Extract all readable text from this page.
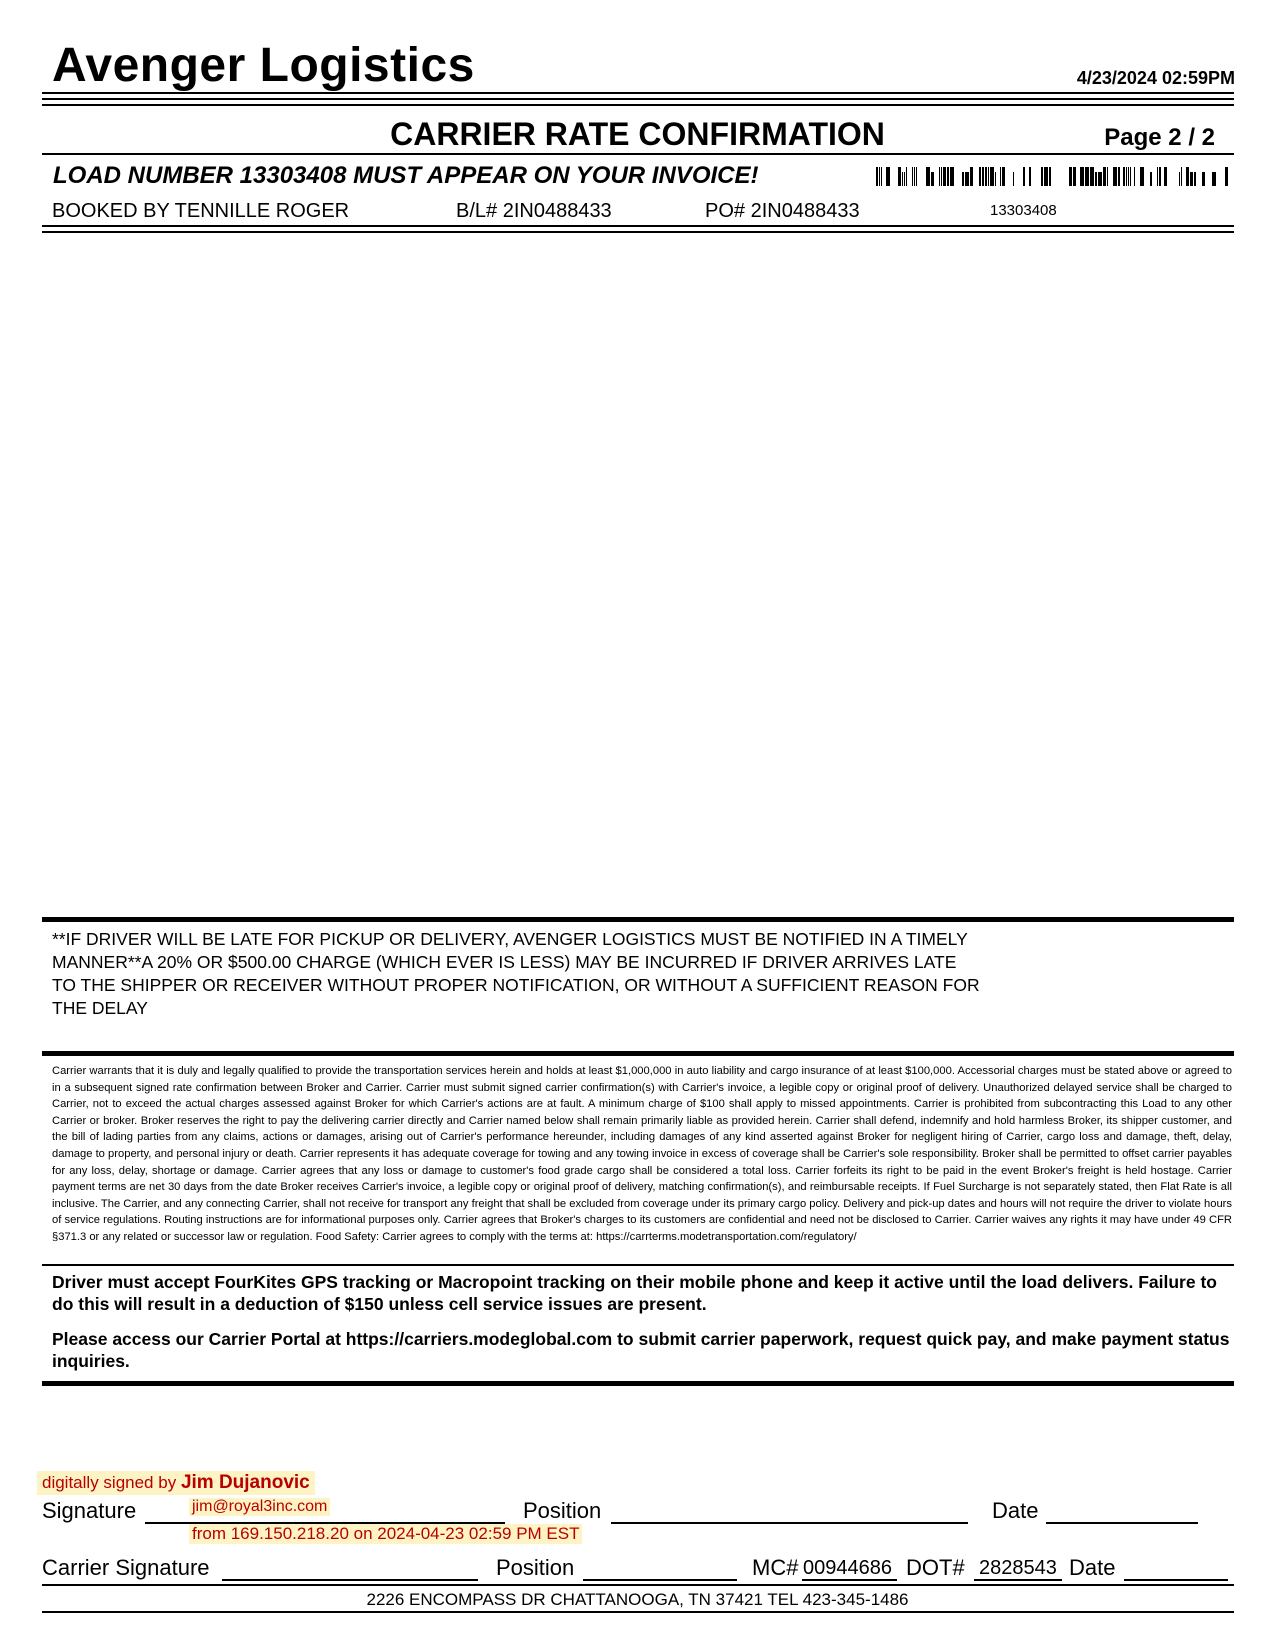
Avenger Logistics	4/23/2024 02:59PM
CARRIER RATE CONFIRMATION	Page 2 / 2
LOAD NUMBER 13303408 MUST APPEAR ON YOUR INVOICE!
BOOKED BY TENNILLE ROGER	B/L# 2IN0488433	PO# 2IN0488433	13303408
**IF DRIVER WILL BE LATE FOR PICKUP OR DELIVERY, AVENGER LOGISTICS MUST BE NOTIFIED IN A TIMELY MANNER**A 20% OR $500.00 CHARGE (WHICH EVER IS LESS) MAY BE INCURRED IF DRIVER ARRIVES LATE TO THE SHIPPER OR RECEIVER WITHOUT PROPER NOTIFICATION, OR WITHOUT A SUFFICIENT REASON FOR THE DELAY
Carrier warrants that it is duly and legally qualified to provide the transportation services herein and holds at least $1,000,000 in auto liability and cargo insurance of at least $100,000. Accessorial charges must be stated above or agreed to in a subsequent signed rate confirmation between Broker and Carrier. Carrier must submit signed carrier confirmation(s) with Carrier's invoice, a legible copy or original proof of delivery. Unauthorized delayed service shall be charged to Carrier, not to exceed the actual charges assessed against Broker for which Carrier's actions are at fault. A minimum charge of $100 shall apply to missed appointments. Carrier is prohibited from subcontracting this Load to any other Carrier or broker. Broker reserves the right to pay the delivering carrier directly and Carrier named below shall remain primarily liable as provided herein. Carrier shall defend, indemnify and hold harmless Broker, its shipper customer, and the bill of lading parties from any claims, actions or damages, arising out of Carrier's performance hereunder, including damages of any kind asserted against Broker for negligent hiring of Carrier, cargo loss and damage, theft, delay, damage to property, and personal injury or death. Carrier represents it has adequate coverage for towing and any towing invoice in excess of coverage shall be Carrier's sole responsibility. Broker shall be permitted to offset carrier payables for any loss, delay, shortage or damage. Carrier agrees that any loss or damage to customer's food grade cargo shall be considered a total loss. Carrier forfeits its right to be paid in the event Broker's freight is held hostage. Carrier payment terms are net 30 days from the date Broker receives Carrier's invoice, a legible copy or original proof of delivery, matching confirmation(s), and reimbursable receipts. If Fuel Surcharge is not separately stated, then Flat Rate is all inclusive. The Carrier, and any connecting Carrier, shall not receive for transport any freight that shall be excluded from coverage under its primary cargo policy. Delivery and pick-up dates and hours will not require the driver to violate hours of service regulations. Routing instructions are for informational purposes only. Carrier agrees that Broker's charges to its customers are confidential and need not be disclosed to Carrier. Carrier waives any rights it may have under 49 CFR §371.3 or any related or successor law or regulation. Food Safety: Carrier agrees to comply with the terms at: https://carrterms.modetransportation.com/regulatory/
Driver must accept FourKites GPS tracking or Macropoint tracking on their mobile phone and keep it active until the load delivers. Failure to do this will result in a deduction of $150 unless cell service issues are present.
Please access our Carrier Portal at https://carriers.modeglobal.com to submit carrier paperwork, request quick pay, and make payment status inquiries.
digitally signed by Jim Dujanovic
Signature	jim@royal3inc.com	Position	Date
from 169.150.218.20 on 2024-04-23 02:59 PM EST
Carrier Signature	Position	MC# 00944686 DOT# 2828543 Date
2226 ENCOMPASS DR CHATTANOOGA, TN 37421 TEL 423-345-1486
